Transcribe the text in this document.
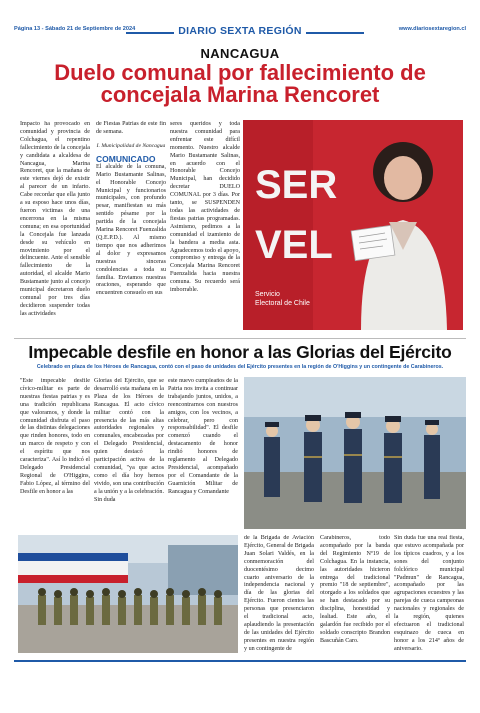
Página 13 - Sábado 21 de Septiembre de 2024	DIARIO SEXTA REGIÓN	www.diariosextaregion.cl
NANCAGUA
Duelo comunal por fallecimiento de concejala Marina Rencoret

Impacto ha provocado en comunidad y provincia de Colchagua, el repentino fallecimiento de la concejala y candidata a alcaldesa de Nancagua, Marina Rencoret, que la mañana de este viernes dejó de existir al parecer de un infarto. Cabe recordar que ella junto a su esposo hace unos días, fueron victimas de una encerrona en la misma comuna; en esa oportunidad la Concejala fue lanzada desde su vehículo en movimiento por el delincuente. Ante el sensible fallecimiento de la autoridad, el alcalde Mario Bustamante junto al concejo municipal decretaron duelo comunal por tres días decidieron suspender todas las actividades

de Fiestas Patrias de este fin de semana.

I. Municipalidad de Nancagua

COMUNICADO

El alcalde de la comuna, Mario Bustamante Salinas, el Honorable Concejo Municipal y funcionarios municipales, con profundo pesar, manifiestan su más sentido pésame por la partida de la concejala Marina Rencoret Fuenzalida (Q.E.P.D.). Al mismo tiempo que nos adherimos al dolor y expresamos nuestras sinceras condolencias a toda su familia. Enviamos nuestras oraciones, esperando que encuentren consuelo en sus

seres queridos y toda nuestra comunidad para enfrentar este difícil momento. Nuestro alcalde Mario Bustamante Salinas, en acuerdo con el Honorable Concejo Municipal, han decidido decretar DUELO COMUNAL por 3 días. Por tanto, se SUSPENDEN todas las actividades de fiestas patrias programadas. Asimismo, pedimos a la comunidad el izamiento de la bandera a media asta. Agradecemos todo el apoyo, compromiso y entrega de la Concejala Marina Rencoret Fuenzalida hacia nuestra comuna. Su recuerdo será imborrable.

SER
VEL
Servicio
Electoral de Chile
Impecable desfile en honor a las Glorias del Ejército
Celebrado en plaza de los Héroes de Rancagua, contó con el paso de unidades del Ejército presentes en la región de O'Higgins y un contingente de Carabineros.

"Este impecable desfile cívico-militar es parte de nuestras fiestas patrias y es una tradición republicana que valoramos, y donde la comunidad disfruta el paso de las distintas delegaciones que rinden honores, todo en un marco de respeto y con el espíritu que nos caracteriza". Así lo indicó el Delegado Presidencial Regional de O'Higgins, Fabio López, al término del Desfile en honor a las

Glorias del Ejército, que se desarrolló esta mañana en la Plaza de los Héroes de Rancagua. El acto cívico militar contó con la presencia de las más altas autoridades regionales y comunales, encabezadas por el Delegado Presidencial, quien destacó la participación activa de la comunidad, "ya que actos como el día hoy hemos vivido, son una contribución a la unión y a la celebración. Sin duda

este nuevo cumpleaños de la Patria nos invita a continuar trabajando juntos, unidos, a reencontrarnos con nuestros amigos, con los vecinos, a celebrar, pero con responsabilidad". El desfile comenzó cuando el destacamento de honor rindió honores de reglamento al Delegado Presidencial, acompañado por el Comandante de la Guarnición Militar de Rancagua y Comandante

de la Brigada de Aviación Ejército, General de Brigada Juan Solari Valdés, en la conmemoración del duocentésimo decimo cuarto aniversario de la independencia nacional y día de las glorias del Ejército. Fueron cientos las personas que presenciaron el tradicional acto, aplaudiendo la presentación de las unidades del Ejército presentes en nuestra región y un contingente de

Carabineros, todo acompañado por la banda del Regimiento Nº19 de Colchagua. En la instancia, las autoridades hicieron entrega del tradicional premio "18 de septiembre", otorgado a los soldados que se han destacado por su disciplina, honestidad y lealtad. Este año, el galardón fue recibido por el soldado conscripto Brandon Bascuñán Caro.

Sin duda fue una real fiesta, que estuvo acompañada por los típicos cuadros, y a los sones del conjunto folclórico municipal "Padmun" de Rancagua, acompañado por las agrupaciones ecuestres y las parejas de cueca campeonas nacionales y regionales de la región, quienes efectuaron el tradicional esquinazo de cueca en honor a los 214º años de aniversario.
